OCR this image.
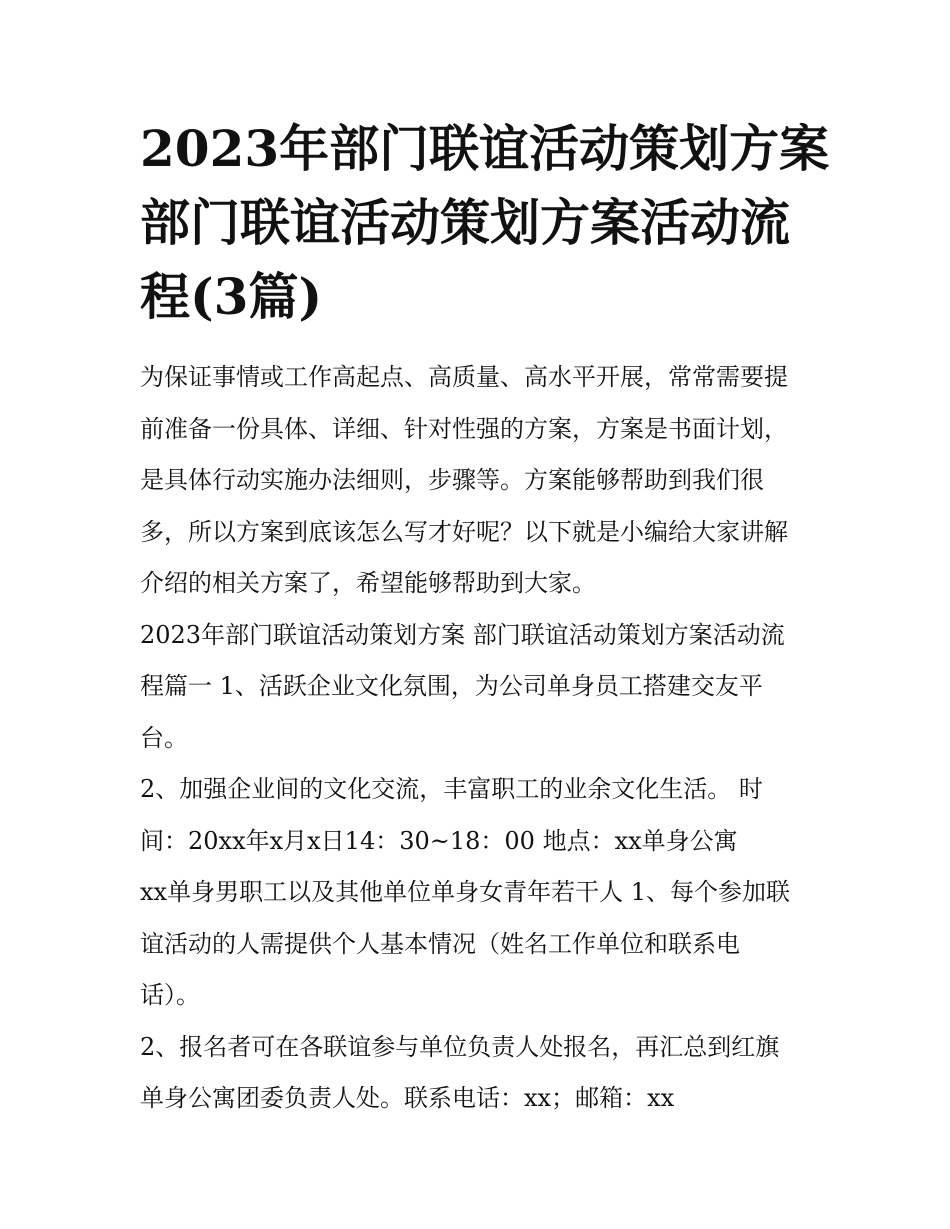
2023年部门联谊活动策划方案
部门联谊活动策划方案活动流
程(3篇)
为保证事情或工作高起点、高质量、高水平开展，常常需要提
前准备一份具体、详细、针对性强的方案，方案是书面计划，
是具体行动实施办法细则，步骤等。方案能够帮助到我们很
多，所以方案到底该怎么写才好呢？以下就是小编给大家讲解
介绍的相关方案了，希望能够帮助到大家。
2023年部门联谊活动策划方案 部门联谊活动策划方案活动流
程篇一 1、活跃企业文化氛围，为公司单身员工搭建交友平
台。
2、加强企业间的文化交流，丰富职工的业余文化生活。 时
间：20xx年x月x日14：30~18：00 地点：xx单身公寓
xx单身男职工以及其他单位单身女青年若干人 1、每个参加联
谊活动的人需提供个人基本情况（姓名工作单位和联系电
话）。
2、报名者可在各联谊参与单位负责人处报名，再汇总到红旗
单身公寓团委负责人处。联系电话：xx；邮箱：xx
